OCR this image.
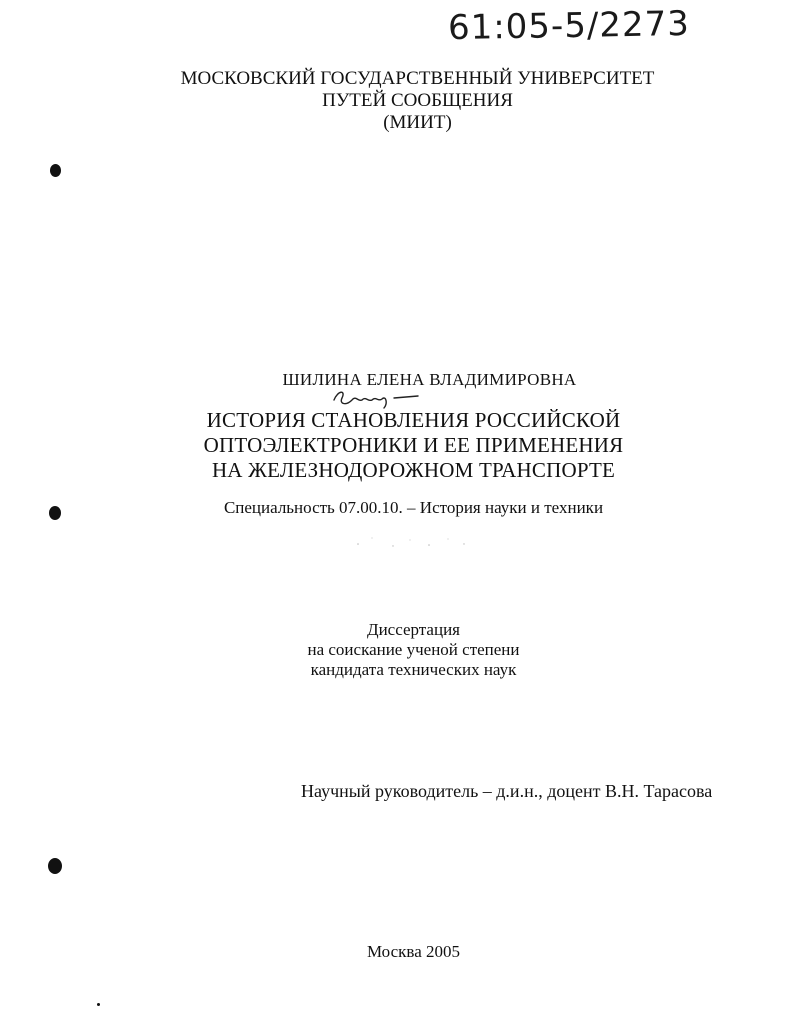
61:05-5/2273
МОСКОВСКИЙ ГОСУДАРСТВЕННЫЙ УНИВЕРСИТЕТ
ПУТЕЙ СООБЩЕНИЯ
(МИИТ)
ШИЛИНА ЕЛЕНА ВЛАДИМИРОВНА
ИСТОРИЯ СТАНОВЛЕНИЯ РОССИЙСКОЙ
ОПТОЭЛЕКТРОНИКИ И ЕЕ ПРИМЕНЕНИЯ
НА ЖЕЛЕЗНОДОРОЖНОМ ТРАНСПОРТЕ
Специальность 07.00.10. – История науки и техники
Диссертация
на соискание ученой степени
кандидата технических наук
Научный руководитель – д.и.н., доцент В.Н. Тарасова
Москва 2005
